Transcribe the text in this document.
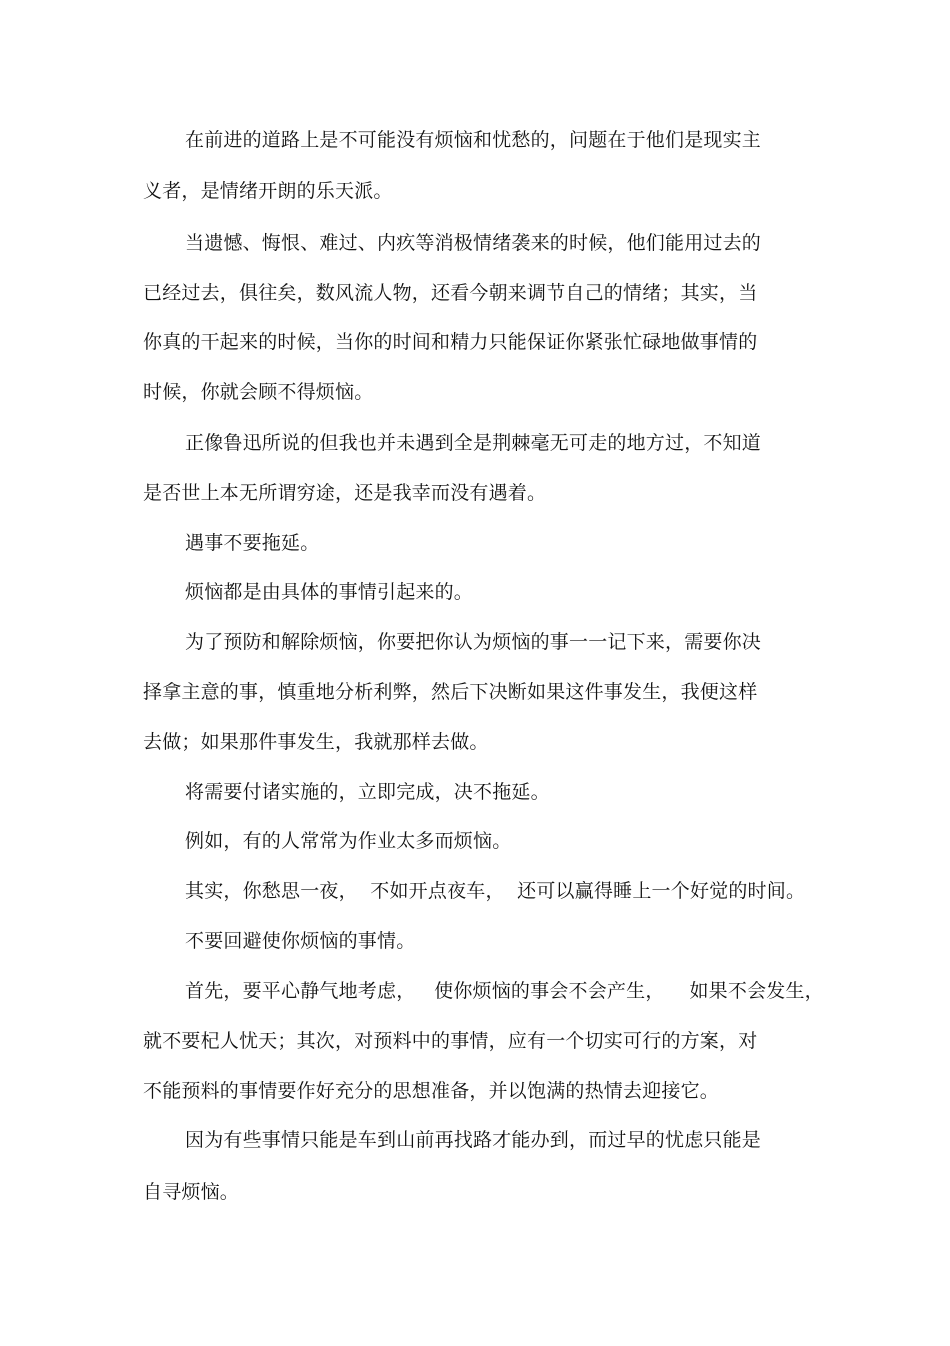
在前进的道路上是不可能没有烦恼和忧愁的，问题在于他们是现实主
义者，是情绪开朗的乐天派。
当遗憾、悔恨、难过、内疚等消极情绪袭来的时候，他们能用过去的
已经过去，俱往矣，数风流人物，还看今朝来调节自己的情绪；其实，当
你真的干起来的时候，当你的时间和精力只能保证你紧张忙碌地做事情的
时候，你就会顾不得烦恼。
正像鲁迅所说的但我也并未遇到全是荆棘毫无可走的地方过，不知道
是否世上本无所谓穷途，还是我幸而没有遇着。
遇事不要拖延。
烦恼都是由具体的事情引起来的。
为了预防和解除烦恼，你要把你认为烦恼的事一一记下来，需要你决
择拿主意的事，慎重地分析利弊，然后下决断如果这件事发生，我便这样
去做；如果那件事发生，我就那样去做。
将需要付诸实施的，立即完成，决不拖延。
例如，有的人常常为作业太多而烦恼。
其实，你愁思一夜，  不如开点夜车，  还可以赢得睡上一个好觉的时间。
不要回避使你烦恼的事情。
首先，要平心静气地考虑，   使你烦恼的事会不会产生，    如果不会发生，
就不要杞人忧天；其次，对预料中的事情，应有一个切实可行的方案，对
不能预料的事情要作好充分的思想准备，并以饱满的热情去迎接它。
因为有些事情只能是车到山前再找路才能办到，而过早的忧虑只能是
自寻烦恼。
